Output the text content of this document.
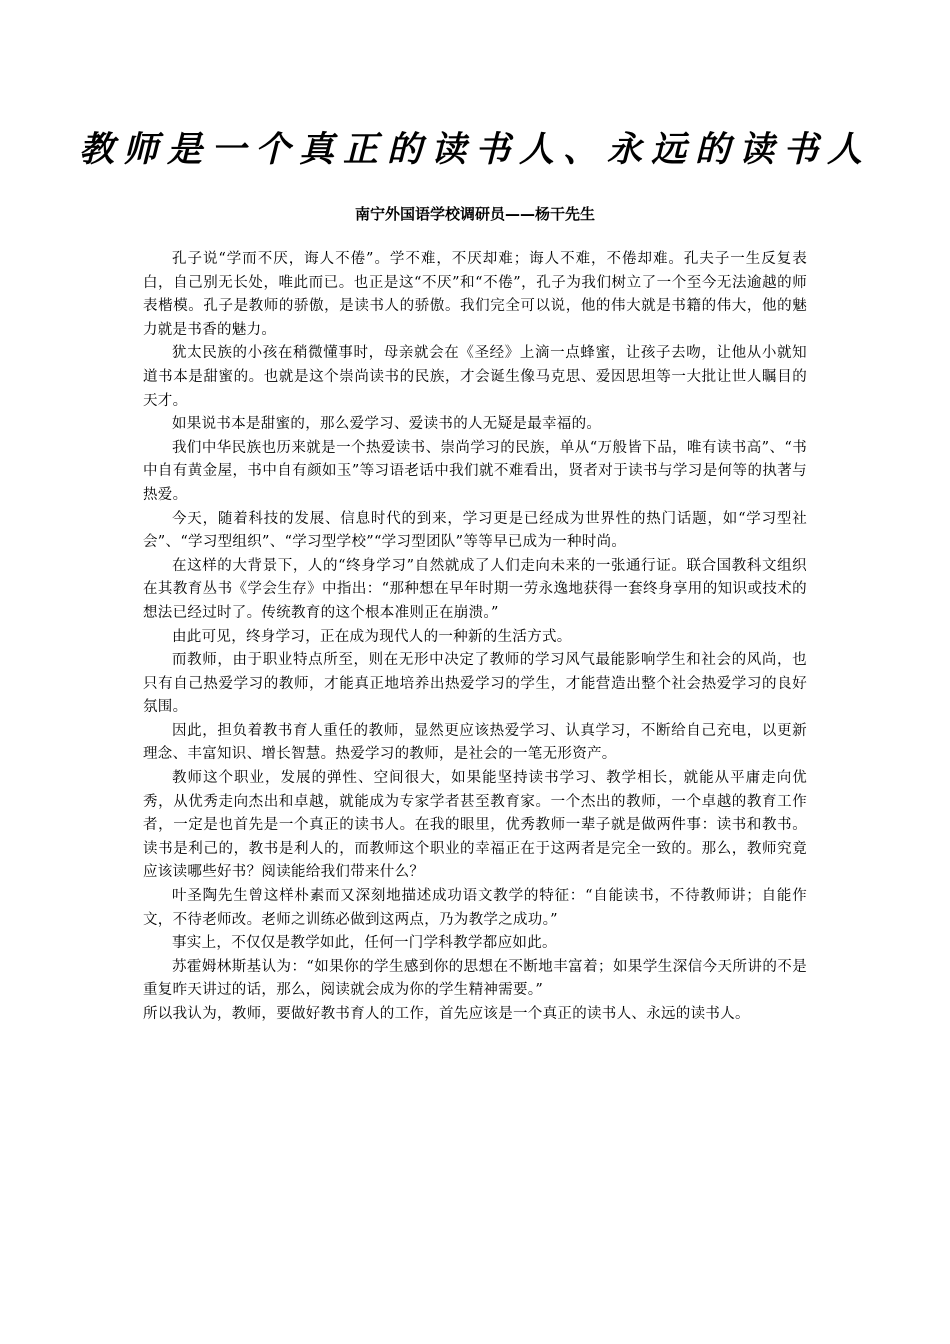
教师是一个真正的读书人、永远的读书人
南宁外国语学校调研员——杨干先生

孔子说“学而不厌，诲人不倦”。学不难，不厌却难；诲人不难，不倦却难。孔夫子一生反复表白，自己别无长处，唯此而已。也正是这“不厌”和“不倦”，孔子为我们树立了一个至今无法逾越的师表楷模。孔子是教师的骄傲，是读书人的骄傲。我们完全可以说，他的伟大就是书籍的伟大，他的魅力就是书香的魅力。

犹太民族的小孩在稍微懂事时，母亲就会在《圣经》上滴一点蜂蜜，让孩子去吻，让他从小就知道书本是甜蜜的。也就是这个崇尚读书的民族，才会诞生像马克思、爱因思坦等一大批让世人瞩目的天才。

如果说书本是甜蜜的，那么爱学习、爱读书的人无疑是最幸福的。

我们中华民族也历来就是一个热爱读书、崇尚学习的民族，单从“万般皆下品，唯有读书高”、“书中自有黄金屋，书中自有颜如玉”等习语老话中我们就不难看出，贤者对于读书与学习是何等的执著与热爱。

今天，随着科技的发展、信息时代的到来，学习更是已经成为世界性的热门话题，如“学习型社会”、“学习型组织”、“学习型学校”“学习型团队”等等早已成为一种时尚。

在这样的大背景下，人的“终身学习”自然就成了人们走向未来的一张通行证。联合国教科文组织在其教育丛书《学会生存》中指出：“那种想在早年时期一劳永逸地获得一套终身享用的知识或技术的想法已经过时了。传统教育的这个根本准则正在崩溃。”

由此可见，终身学习，正在成为现代人的一种新的生活方式。

而教师，由于职业特点所至，则在无形中决定了教师的学习风气最能影响学生和社会的风尚，也只有自己热爱学习的教师，才能真正地培养出热爱学习的学生，才能营造出整个社会热爱学习的良好氛围。

因此，担负着教书育人重任的教师，显然更应该热爱学习、认真学习，不断给自己充电，以更新理念、丰富知识、增长智慧。热爱学习的教师，是社会的一笔无形资产。

教师这个职业，发展的弹性、空间很大，如果能坚持读书学习、教学相长，就能从平庸走向优秀，从优秀走向杰出和卓越，就能成为专家学者甚至教育家。一个杰出的教师，一个卓越的教育工作者，一定是也首先是一个真正的读书人。在我的眼里，优秀教师一辈子就是做两件事：读书和教书。读书是利己的，教书是利人的，而教师这个职业的幸福正在于这两者是完全一致的。那么，教师究竟应该读哪些好书？阅读能给我们带来什么？

叶圣陶先生曾这样朴素而又深刻地描述成功语文教学的特征：“自能读书，不待教师讲；自能作文，不待老师改。老师之训练必做到这两点，乃为教学之成功。”

事实上，不仅仅是教学如此，任何一门学科教学都应如此。

苏霍姆林斯基认为：“如果你的学生感到你的思想在不断地丰富着；如果学生深信今天所讲的不是重复昨天讲过的话，那么，阅读就会成为你的学生精神需要。”

所以我认为，教师，要做好教书育人的工作，首先应该是一个真正的读书人、永远的读书人。
